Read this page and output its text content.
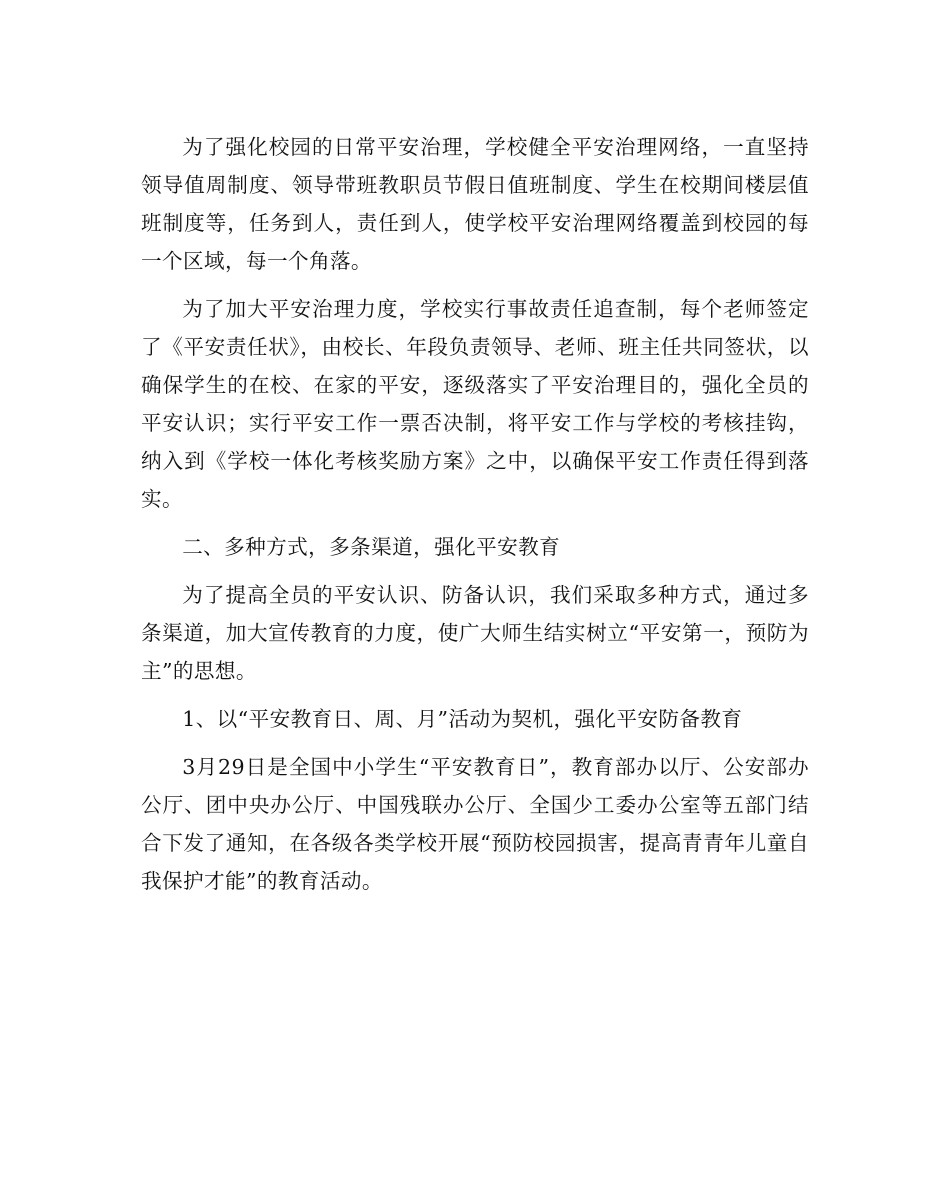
为了强化校园的日常平安治理，学校健全平安治理网络，一直坚持领导值周制度、领导带班教职员节假日值班制度、学生在校期间楼层值班制度等，任务到人，责任到人，使学校平安治理网络覆盖到校园的每一个区域，每一个角落。

为了加大平安治理力度，学校实行事故责任追查制，每个老师签定了《平安责任状》，由校长、年段负责领导、老师、班主任共同签状，以确保学生的在校、在家的平安，逐级落实了平安治理目的，强化全员的平安认识；实行平安工作一票否决制，将平安工作与学校的考核挂钩，纳入到《学校一体化考核奖励方案》之中，以确保平安工作责任得到落实。

二、多种方式，多条渠道，强化平安教育

为了提高全员的平安认识、防备认识，我们采取多种方式，通过多条渠道，加大宣传教育的力度，使广大师生结实树立“平安第一，预防为主”的思想。

1、以“平安教育日、周、月”活动为契机，强化平安防备教育

3月29日是全国中小学生“平安教育日”，教育部办以厅、公安部办公厅、团中央办公厅、中国残联办公厅、全国少工委办公室等五部门结合下发了通知，在各级各类学校开展“预防校园损害，提高青青年儿童自我保护才能”的教育活动。
